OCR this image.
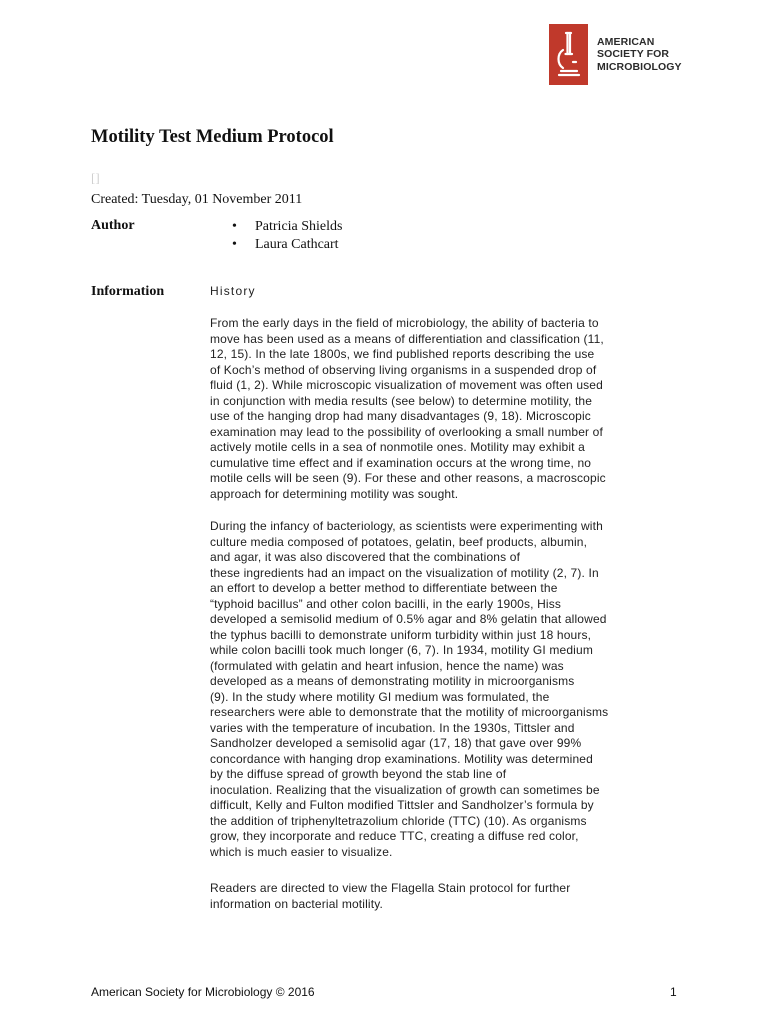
AMERICAN
SOCIETY FOR
MICROBIOLOGY
Motility Test Medium Protocol
[]
Created: Tuesday, 01 November 2011
Author	• Patricia Shields
• Laura Cathcart
Information	History
From the early days in the field of microbiology, the ability of bacteria to
move has been used as a means of differentiation and classification (11,
12, 15). In the late 1800s, we find published reports describing the use
of Koch’s method of observing living organisms in a suspended drop of
fluid (1, 2). While microscopic visualization of movement was often used
in conjunction with media results (see below) to determine motility, the
use of the hanging drop had many disadvantages (9, 18). Microscopic
examination may lead to the possibility of overlooking a small number of
actively motile cells in a sea of nonmotile ones. Motility may exhibit a
cumulative time effect and if examination occurs at the wrong time, no
motile cells will be seen (9). For these and other reasons, a macroscopic
approach for determining motility was sought.
During the infancy of bacteriology, as scientists were experimenting with
culture media composed of potatoes, gelatin, beef products, albumin,
and agar, it was also discovered that the combinations of
these ingredients had an impact on the visualization of motility (2, 7). In
an effort to develop a better method to differentiate between the
“typhoid bacillus” and other colon bacilli, in the early 1900s, Hiss
developed a semisolid medium of 0.5% agar and 8% gelatin that allowed
the typhus bacilli to demonstrate uniform turbidity within just 18 hours,
while colon bacilli took much longer (6, 7). In 1934, motility GI medium
(formulated with gelatin and heart infusion, hence the name) was
developed as a means of demonstrating motility in microorganisms
(9). In the study where motility GI medium was formulated, the
researchers were able to demonstrate that the motility of microorganisms
varies with the temperature of incubation. In the 1930s, Tittsler and
Sandholzer developed a semisolid agar (17, 18) that gave over 99%
concordance with hanging drop examinations. Motility was determined
by the diffuse spread of growth beyond the stab line of
inoculation. Realizing that the visualization of growth can sometimes be
difficult, Kelly and Fulton modified Tittsler and Sandholzer’s formula by
the addition of triphenyltetrazolium chloride (TTC) (10). As organisms
grow, they incorporate and reduce TTC, creating a diffuse red color,
which is much easier to visualize.
Readers are directed to view the Flagella Stain protocol for further
information on bacterial motility.
American Society for Microbiology © 2016	1
